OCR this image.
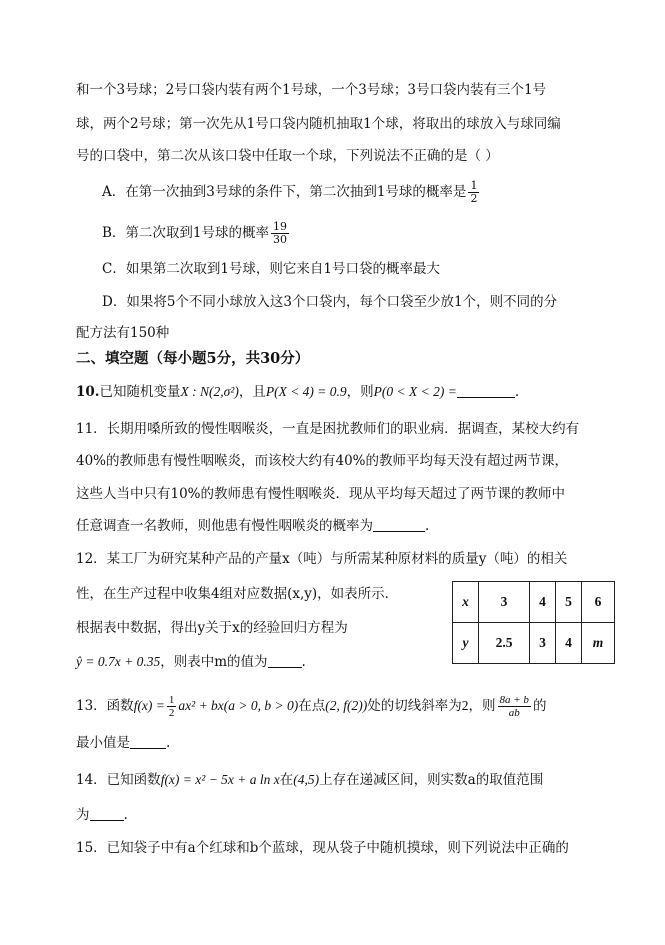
和一个3号球；2号口袋内装有两个1号球，一个3号球；3号口袋内装有三个1号
球，两个2号球；第一次先从1号口袋内随机抽取1个球，将取出的球放入与球同编
号的口袋中，第二次从该口袋中任取一个球，下列说法不正确的是（ ）
A．在第一次抽到3号球的条件下，第二次抽到1号球的概率是 $\frac{1}{2}$
B．第二次取到1号球的概率 $\frac{19}{30}$
C．如果第二次取到1号球，则它来自1号口袋的概率最大
D．如果将5个不同小球放入这3个口袋内，每个口袋至少放1个，则不同的分
配方法有150种
二、填空题（每小题5分，共30分）
10.已知随机变量X : N(2,σ²)，且P(X < 4) = 0.9，则P(0 < X < 2) =	.
11．长期用嗓所致的慢性咽喉炎，一直是困扰教师们的职业病．据调查，某校大约有
40%的教师患有慢性咽喉炎，而该校大约有40%的教师平均每天没有超过两节课，
这些人当中只有10%的教师患有慢性咽喉炎．现从平均每天超过了两节课的教师中
任意调查一名教师，则他患有慢性咽喉炎的概率为	.
12．某工厂为研究某种产品的产量x（吨）与所需某种原材料的质量y（吨）的相关
性，在生产过程中收集4组对应数据(x,y)，如表所示．
根据表中数据，得出y关于x的经验回归方程为
ŷ = 0.7x + 0.35，则表中m的值为	.
x	3	4	5	6
y	2.5	3	4	m
13．函数$f(x) = \frac{1}{2} ax^2 + bx(a > 0$, b > 0)在点(2, f(2))处的切线斜率为2，则 $\frac{8a + b}{ab}$ 的
最小值是	.
14．已知函数f(x) = x² − 5x + a ln x在(4,5)上存在递减区间，则实数a的取值范围
为	.
15．已知袋子中有a个红球和b个蓝球，现从袋子中随机摸球，则下列说法中正确的
